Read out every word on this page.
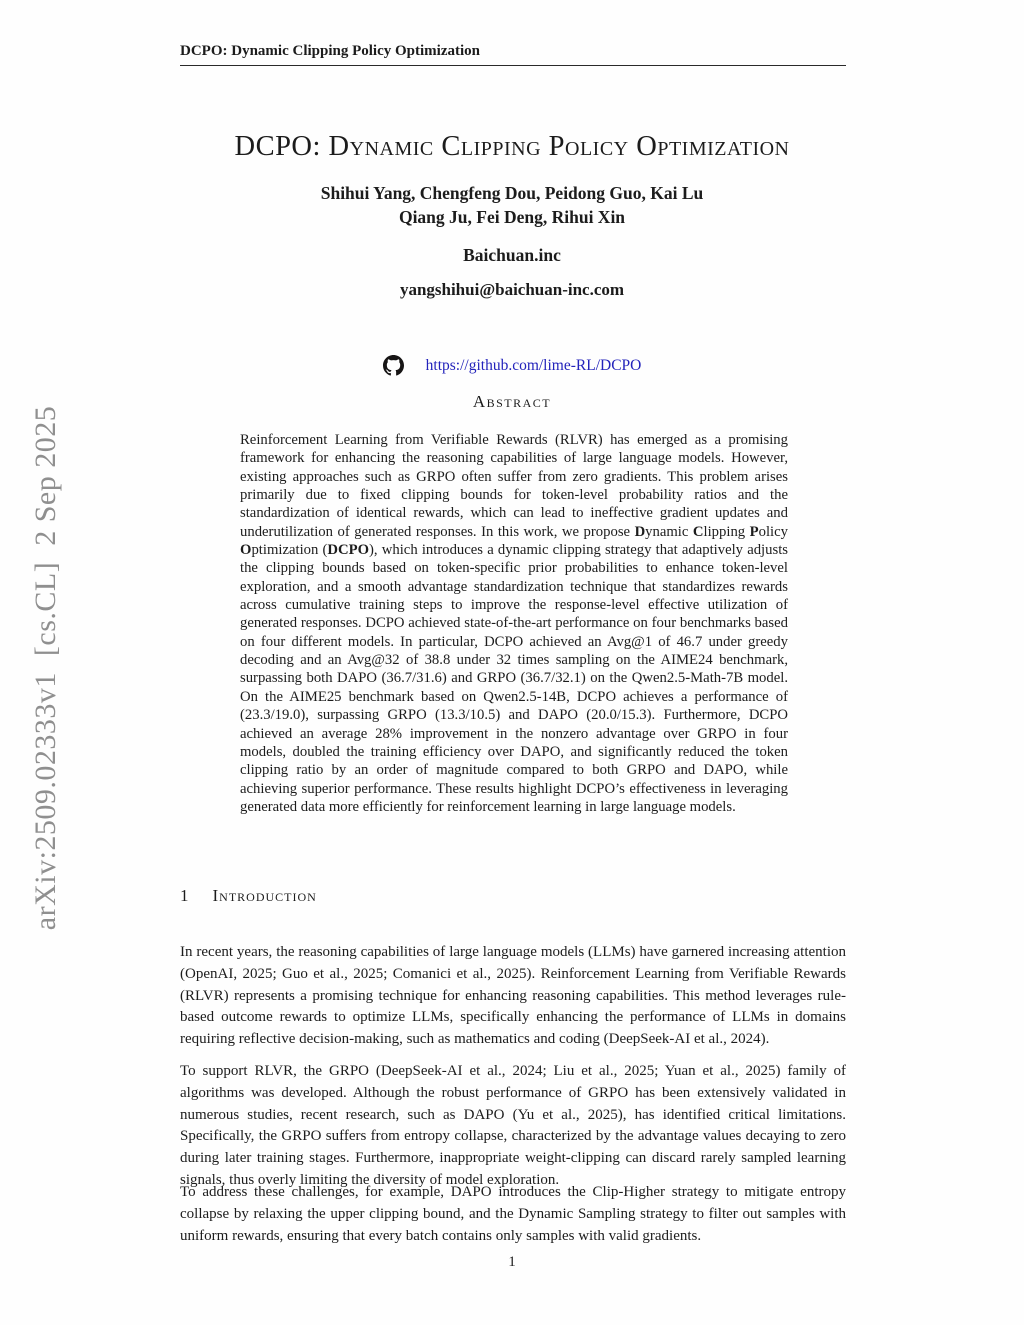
arXiv:2509.02333v1  [cs.CL]  2 Sep 2025
DCPO: Dynamic Clipping Policy Optimization
DCPO: Dynamic Clipping Policy Optimization
Shihui Yang, Chengfeng Dou, Peidong Guo, Kai Lu
Qiang Ju, Fei Deng, Rihui Xin
Baichuan.inc
yangshihui@baichuan-inc.com
https://github.com/lime-RL/DCPO
Abstract
Reinforcement Learning from Verifiable Rewards (RLVR) has emerged as a promising framework for enhancing the reasoning capabilities of large language models. However, existing approaches such as GRPO often suffer from zero gradients. This problem arises primarily due to fixed clipping bounds for token-level probability ratios and the standardization of identical rewards, which can lead to ineffective gradient updates and underutilization of generated responses. In this work, we propose Dynamic Clipping Policy Optimization (DCPO), which introduces a dynamic clipping strategy that adaptively adjusts the clipping bounds based on token-specific prior probabilities to enhance token-level exploration, and a smooth advantage standardization technique that standardizes rewards across cumulative training steps to improve the response-level effective utilization of generated responses. DCPO achieved state-of-the-art performance on four benchmarks based on four different models. In particular, DCPO achieved an Avg@1 of 46.7 under greedy decoding and an Avg@32 of 38.8 under 32 times sampling on the AIME24 benchmark, surpassing both DAPO (36.7/31.6) and GRPO (36.7/32.1) on the Qwen2.5-Math-7B model. On the AIME25 benchmark based on Qwen2.5-14B, DCPO achieves a performance of (23.3/19.0), surpassing GRPO (13.3/10.5) and DAPO (20.0/15.3). Furthermore, DCPO achieved an average 28% improvement in the nonzero advantage over GRPO in four models, doubled the training efficiency over DAPO, and significantly reduced the token clipping ratio by an order of magnitude compared to both GRPO and DAPO, while achieving superior performance. These results highlight DCPO’s effectiveness in leveraging generated data more efficiently for reinforcement learning in large language models.
1 Introduction

In recent years, the reasoning capabilities of large language models (LLMs) have garnered increasing attention (OpenAI, 2025; Guo et al., 2025; Comanici et al., 2025). Reinforcement Learning from Verifiable Rewards (RLVR) represents a promising technique for enhancing reasoning capabilities. This method leverages rule-based outcome rewards to optimize LLMs, specifically enhancing the performance of LLMs in domains requiring reflective decision-making, such as mathematics and coding (DeepSeek-AI et al., 2024).

To support RLVR, the GRPO (DeepSeek-AI et al., 2024; Liu et al., 2025; Yuan et al., 2025) family of algorithms was developed. Although the robust performance of GRPO has been extensively validated in numerous studies, recent research, such as DAPO (Yu et al., 2025), has identified critical limitations. Specifically, the GRPO suffers from entropy collapse, characterized by the advantage values decaying to zero during later training stages. Furthermore, inappropriate weight-clipping can discard rarely sampled learning signals, thus overly limiting the diversity of model exploration.

To address these challenges, for example, DAPO introduces the Clip-Higher strategy to mitigate entropy collapse by relaxing the upper clipping bound, and the Dynamic Sampling strategy to filter out samples with uniform rewards, ensuring that every batch contains only samples with valid gradients.

1
